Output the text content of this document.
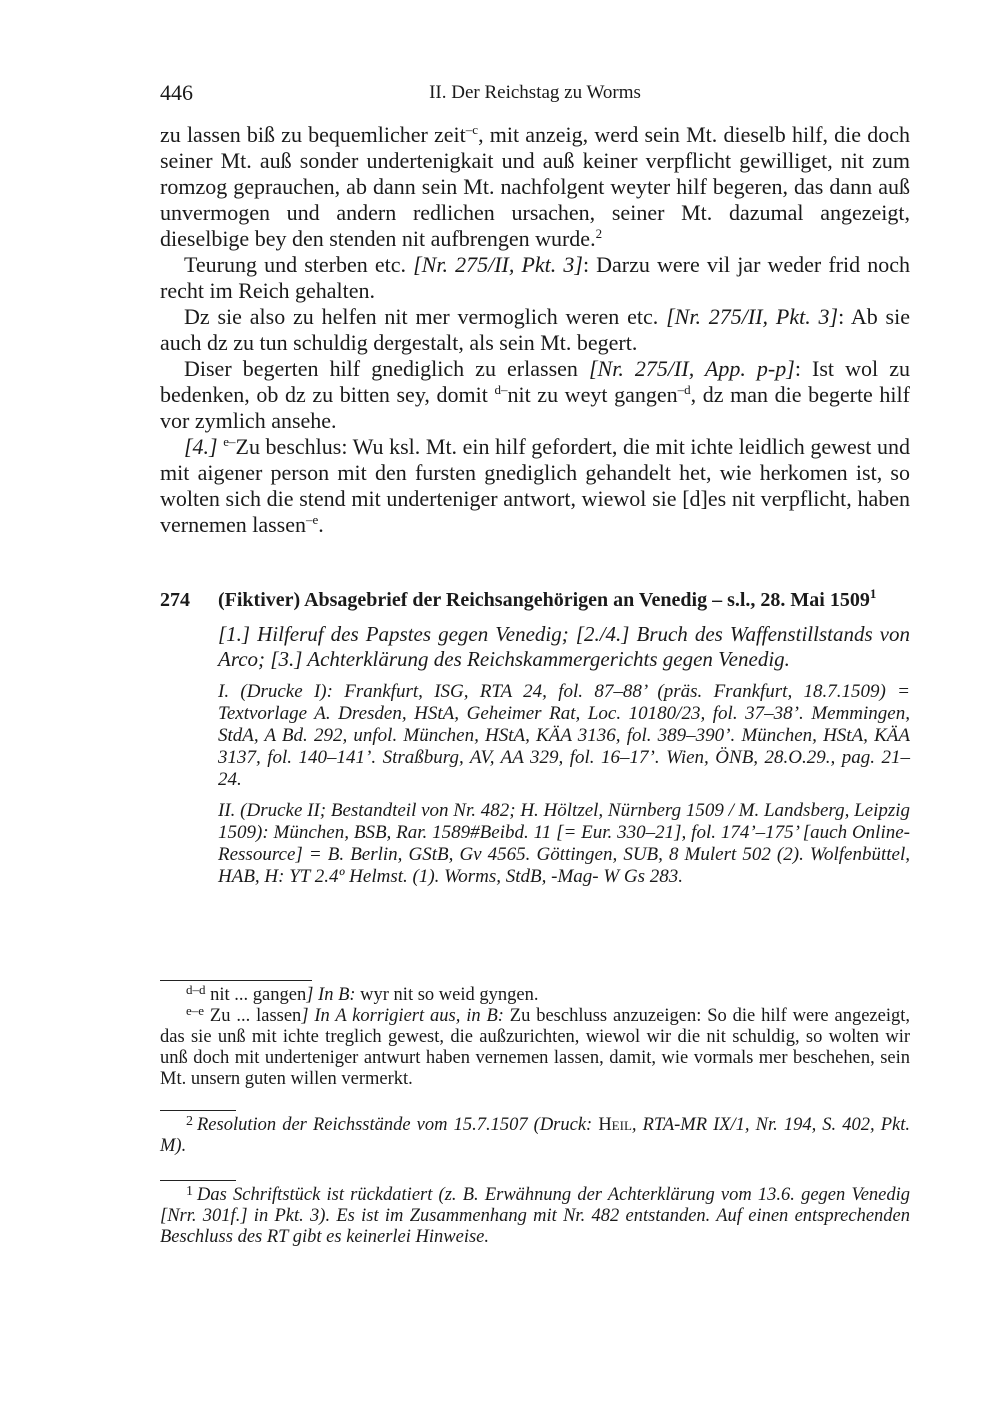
446	II. Der Reichstag zu Worms

zu lassen biß zu bequemlicher zeit$^{-c}$, mit anzeig, werd sein Mt. dieselb hilf, die doch seiner Mt. auß sonder undertenigkait und auß keiner verpflicht gewilliget, nit zum romzog geprauchen, ab dann sein Mt. nachfolgent weyter hilf begeren, das dann auß unvermogen und andern redlichen ursachen, seiner Mt. dazumal angezeigt, dieselbige bey den stenden nit aufbrengen wurde.$^2$

Teurung und sterben etc. [Nr. 275/II, Pkt. 3]: Darzu were vil jar weder frid noch recht im Reich gehalten.

Dz sie also zu helfen nit mer vermoglich weren etc. [Nr. 275/II, Pkt. 3]: Ab sie auch dz zu tun schuldig dergestalt, als sein Mt. begert.

Diser begerten hilf gnediglich zu erlassen [Nr. 275/II, App. p-p]: Ist wol zu bedenken, ob dz zu bitten sey, domit $^{d-}$nit zu weyt gangen$^{-d}$, dz man die begerte hilf vor zymlich ansehe.

[4.] $^{e-}$Zu beschlus: Wu ksl. Mt. ein hilf gefordert, die mit ichte leidlich gewest und mit aigener person mit den fursten gnediglich gehandelt het, wie herkomen ist, so wolten sich die stend mit underteniger antwort, wiewol sie [d]es nit verpflicht, haben vernemen lassen$^{-e}$.

274 (Fiktiver) Absagebrief der Reichsangehörigen an Venedig – s.l., 28. Mai 1509$^1$
[1.] Hilferuf des Papstes gegen Venedig; [2./4.] Bruch des Waffenstillstands von Arco; [3.] Achterklärung des Reichskammergerichts gegen Venedig.
I. (Drucke I): Frankfurt, ISG, RTA 24, fol. 87–88’ (präs. Frankfurt, 18.7.1509) = Textvorlage A. Dresden, HStA, Geheimer Rat, Loc. 10180/23, fol. 37–38’. Memmingen, StdA, A Bd. 292, unfol. München, HStA, KÄA 3136, fol. 389–390’. München, HStA, KÄA 3137, fol. 140–141’. Straßburg, AV, AA 329, fol. 16–17’. Wien, ÖNB, 28.O.29., pag. 21–24.
II. (Drucke II; Bestandteil von Nr. 482; H. Höltzel, Nürnberg 1509 / M. Landsberg, Leipzig 1509): München, BSB, Rar. 1589#Beibd. 11 [= Eur. 330–21], fol. 174’–175’ [auch Online-Ressource] = B. Berlin, GStB, Gv 4565. Göttingen, SUB, 8 Mulert 502 (2). Wolfenbüttel, HAB, H: YT 2.4º Helmst. (1). Worms, StdB, -Mag- W Gs 283.

$^{d-d}$ nit ... gangen] In B: wyr nit so weid gyngen.

$^{e-e}$ Zu ... lassen] In A korrigiert aus, in B: Zu beschluss anzuzeigen: So die hilf were angezeigt, das sie unß mit ichte treglich gewest, die außzurichten, wiewol wir die nit schuldig, so wolten wir unß doch mit underteniger antwurt haben vernemen lassen, damit, wie vormals mer beschehen, sein Mt. unsern guten willen vermerkt.

$^2$ Resolution der Reichsstände vom 15.7.1507 (Druck: Heil, RTA-MR IX/1, Nr. 194, S. 402, Pkt. M).

$^1$ Das Schriftstück ist rückdatiert (z. B. Erwähnung der Achterklärung vom 13.6. gegen Venedig [Nrr. 301f.] in Pkt. 3). Es ist im Zusammenhang mit Nr. 482 entstanden. Auf einen entsprechenden Beschluss des RT gibt es keinerlei Hinweise.
